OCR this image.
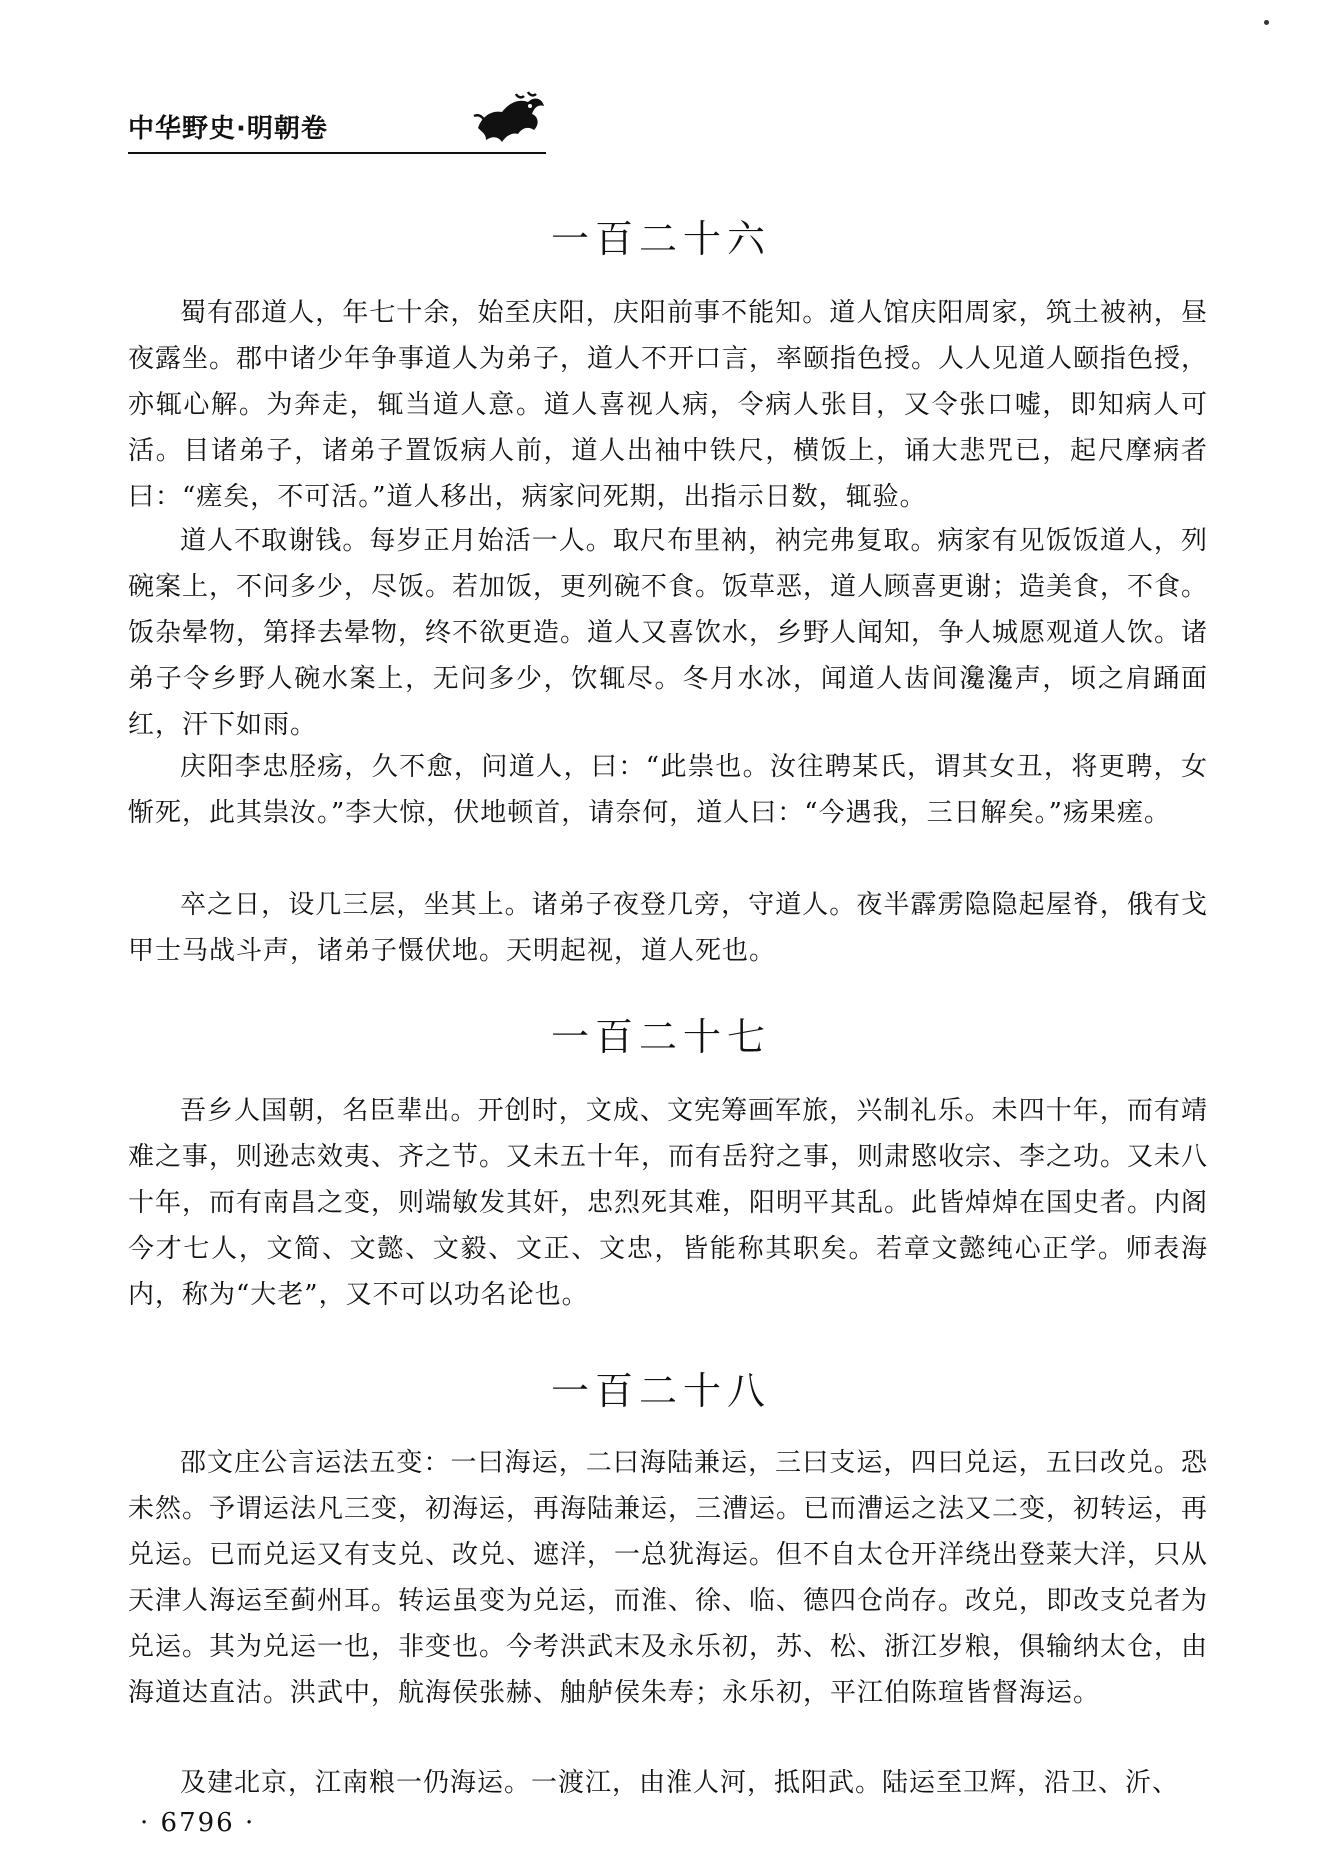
中华野史·明朝卷
一百二十六

蜀有邵道人，年七十余，始至庆阳，庆阳前事不能知。道人馆庆阳周家，筑土被衲，昼夜露坐。郡中诸少年争事道人为弟子，道人不开口言，率颐指色授。人人见道人颐指色授，亦辄心解。为奔走，辄当道人意。道人喜视人病，令病人张目，又令张口嘘，即知病人可活。目诸弟子，诸弟子置饭病人前，道人出袖中铁尺，横饭上，诵大悲咒已，起尺摩病者曰：“瘥矣，不可活。”道人移出，病家问死期，出指示日数，辄验。

道人不取谢钱。每岁正月始活一人。取尺布里衲，衲完弗复取。病家有见饭饭道人，列碗案上，不问多少，尽饭。若加饭，更列碗不食。饭草恶，道人顾喜更谢；造美食，不食。饭杂晕物，第择去晕物，终不欲更造。道人又喜饮水，乡野人闻知，争人城愿观道人饮。诸弟子令乡野人碗水案上，无问多少，饮辄尽。冬月水冰，闻道人齿间瀺瀺声，顷之肩踊面红，汗下如雨。

庆阳李忠胫疡，久不愈，问道人，曰：“此祟也。汝往聘某氏，谓其女丑，将更聘，女惭死，此其祟汝。”李大惊，伏地顿首，请奈何，道人曰：“今遇我，三日解矣。”疡果瘥。

卒之日，设几三层，坐其上。诸弟子夜登几旁，守道人。夜半霹雳隐隐起屋脊，俄有戈甲士马战斗声，诸弟子慑伏地。天明起视，道人死也。

一百二十七

吾乡人国朝，名臣辈出。开创时，文成、文宪筹画军旅，兴制礼乐。未四十年，而有靖难之事，则逊志效夷、齐之节。又未五十年，而有岳狩之事，则肃愍收宗、李之功。又未八十年，而有南昌之变，则端敏发其奸，忠烈死其难，阳明平其乱。此皆焯焯在国史者。内阁今才七人，文简、文懿、文毅、文正、文忠，皆能称其职矣。若章文懿纯心正学。师表海内，称为“大老”，又不可以功名论也。

一百二十八

邵文庄公言运法五变：一曰海运，二曰海陆兼运，三曰支运，四曰兑运，五曰改兑。恐未然。予谓运法凡三变，初海运，再海陆兼运，三漕运。已而漕运之法又二变，初转运，再兑运。已而兑运又有支兑、改兑、遮洋，一总犹海运。但不自太仓开洋绕出登莱大洋，只从天津人海运至蓟州耳。转运虽变为兑运，而淮、徐、临、德四仓尚存。改兑，即改支兑者为兑运。其为兑运一也，非变也。今考洪武末及永乐初，苏、松、浙江岁粮，俱输纳太仓，由海道达直沽。洪武中，航海侯张赫、舳舻侯朱寿；永乐初，平江伯陈瑄皆督海运。

及建北京，江南粮一仍海运。一渡江，由淮人河，抵阳武。陆运至卫辉，沿卫、沂、

· 6796 ·
